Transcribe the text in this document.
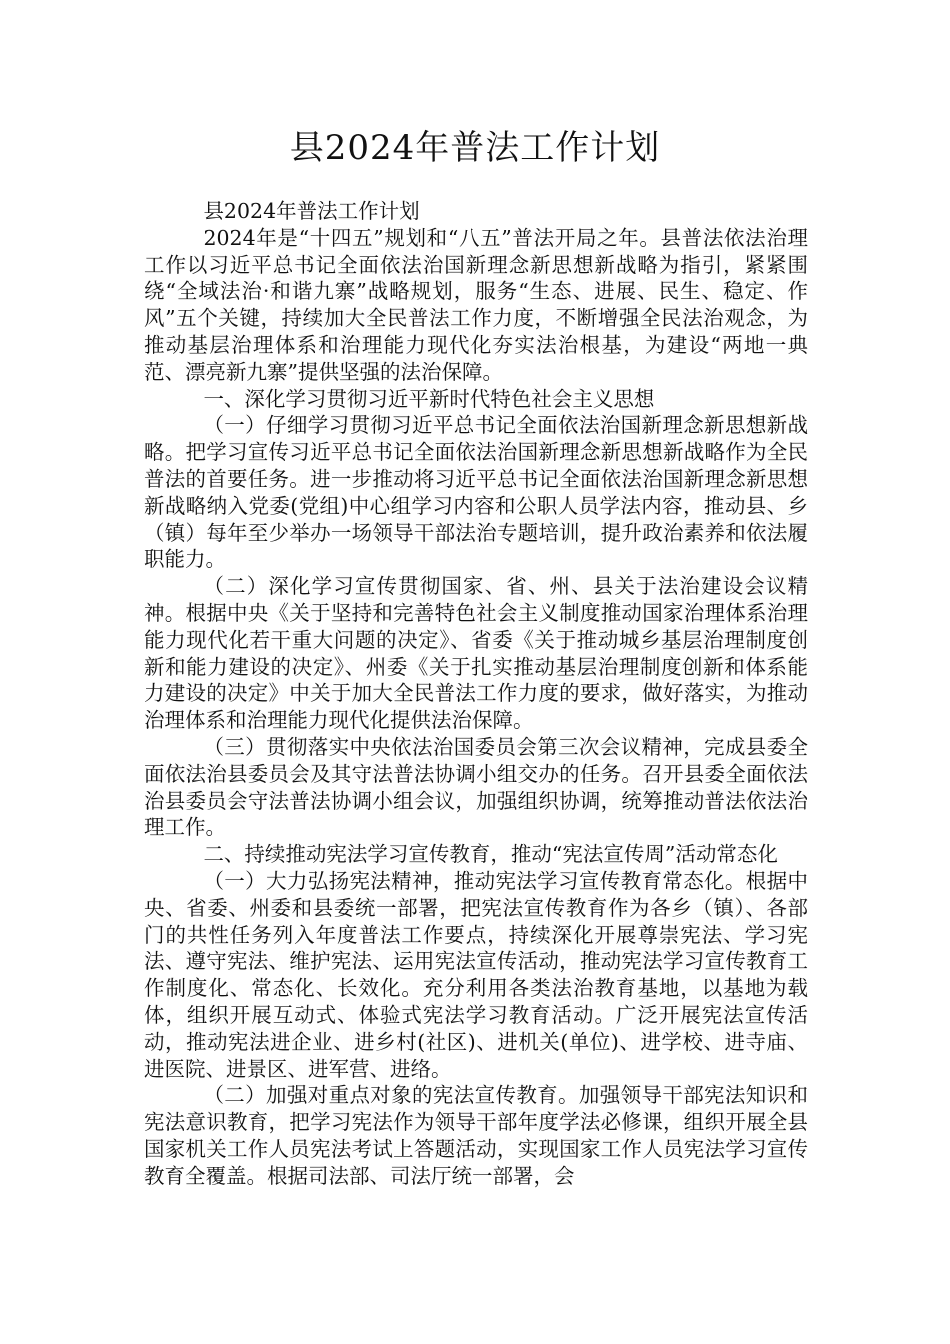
县2024年普法工作计划

县2024年普法工作计划

2024年是“十四五”规划和“八五”普法开局之年。县普法依法治理工作以习近平总书记全面依法治国新理念新思想新战略为指引，紧紧围绕“全域法治·和谐九寨”战略规划，服务“生态、进展、民生、稳定、作风”五个关键，持续加大全民普法工作力度，不断增强全民法治观念，为推动基层治理体系和治理能力现代化夯实法治根基，为建设“两地一典范、漂亮新九寨”提供坚强的法治保障。

一、深化学习贯彻习近平新时代特色社会主义思想

（一）仔细学习贯彻习近平总书记全面依法治国新理念新思想新战略。把学习宣传习近平总书记全面依法治国新理念新思想新战略作为全民普法的首要任务。进一步推动将习近平总书记全面依法治国新理念新思想新战略纳入党委(党组)中心组学习内容和公职人员学法内容，推动县、乡（镇）每年至少举办一场领导干部法治专题培训，提升政治素养和依法履职能力。

（二）深化学习宣传贯彻国家、省、州、县关于法治建设会议精神。根据中央《关于坚持和完善特色社会主义制度推动国家治理体系治理能力现代化若干重大问题的决定》、省委《关于推动城乡基层治理制度创新和能力建设的决定》、州委《关于扎实推动基层治理制度创新和体系能力建设的决定》中关于加大全民普法工作力度的要求，做好落实，为推动治理体系和治理能力现代化提供法治保障。

（三）贯彻落实中央依法治国委员会第三次会议精神，完成县委全面依法治县委员会及其守法普法协调小组交办的任务。召开县委全面依法治县委员会守法普法协调小组会议，加强组织协调，统筹推动普法依法治理工作。

二、持续推动宪法学习宣传教育，推动“宪法宣传周”活动常态化

（一）大力弘扬宪法精神，推动宪法学习宣传教育常态化。根据中央、省委、州委和县委统一部署，把宪法宣传教育作为各乡（镇）、各部门的共性任务列入年度普法工作要点，持续深化开展尊崇宪法、学习宪法、遵守宪法、维护宪法、运用宪法宣传活动，推动宪法学习宣传教育工作制度化、常态化、长效化。充分利用各类法治教育基地，以基地为载体，组织开展互动式、体验式宪法学习教育活动。广泛开展宪法宣传活动，推动宪法进企业、进乡村(社区)、进机关(单位)、进学校、进寺庙、进医院、进景区、进军营、进络。

（二）加强对重点对象的宪法宣传教育。加强领导干部宪法知识和宪法意识教育，把学习宪法作为领导干部年度学法必修课，组织开展全县国家机关工作人员宪法考试上答题活动，实现国家工作人员宪法学习宣传教育全覆盖。根据司法部、司法厅统一部署，会
